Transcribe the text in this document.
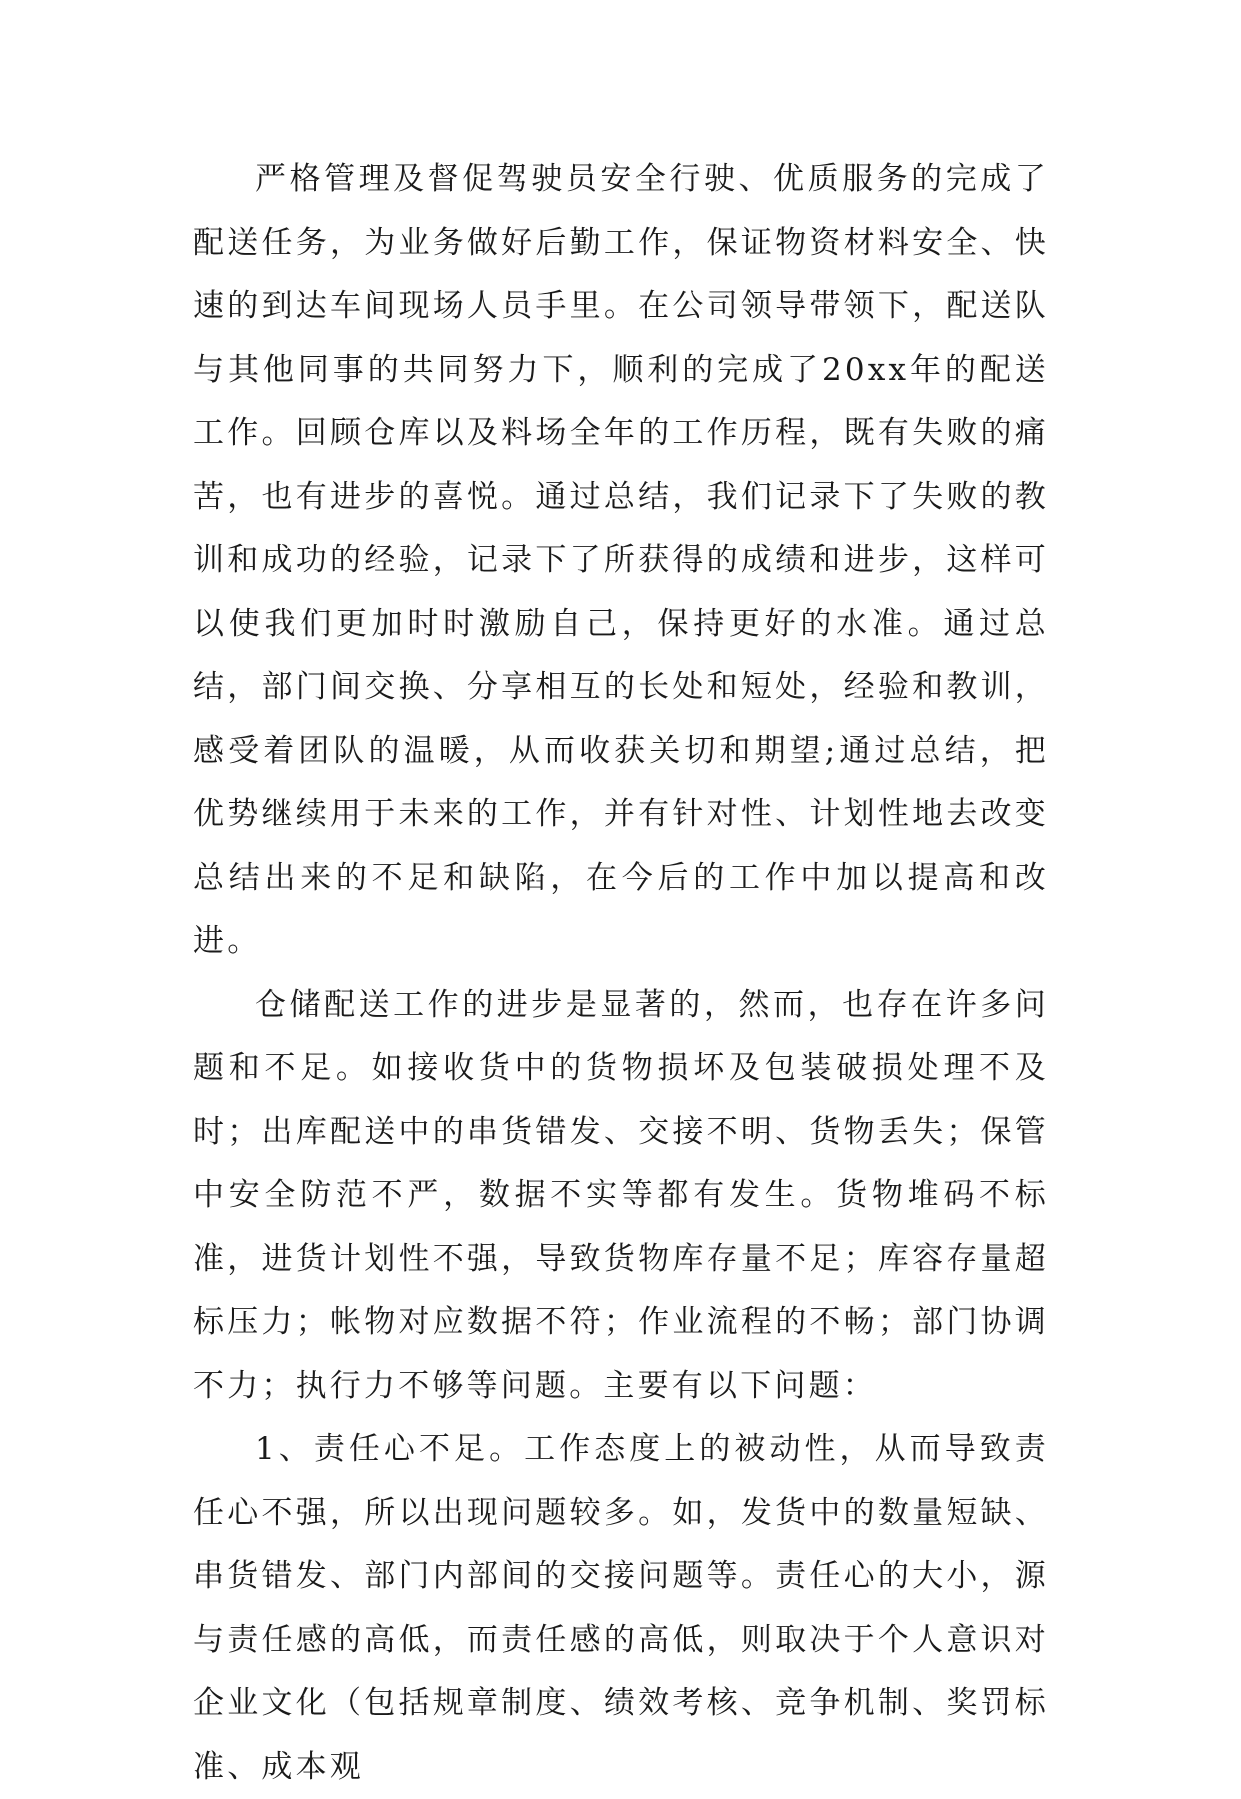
严格管理及督促驾驶员安全行驶、优质服务的完成了配送任务，为业务做好后勤工作，保证物资材料安全、快速的到达车间现场人员手里。在公司领导带领下，配送队与其他同事的共同努力下，顺利的完成了20xx年的配送工作。回顾仓库以及料场全年的工作历程，既有失败的痛苦，也有进步的喜悦。通过总结，我们记录下了失败的教训和成功的经验，记录下了所获得的成绩和进步，这样可以使我们更加时时激励自己，保持更好的水准。通过总结，部门间交换、分享相互的长处和短处，经验和教训，感受着团队的温暖，从而收获关切和期望;通过总结，把优势继续用于未来的工作，并有针对性、计划性地去改变总结出来的不足和缺陷，在今后的工作中加以提高和改进。

仓储配送工作的进步是显著的，然而，也存在许多问题和不足。如接收货中的货物损坏及包装破损处理不及时；出库配送中的串货错发、交接不明、货物丢失；保管中安全防范不严，数据不实等都有发生。货物堆码不标准，进货计划性不强，导致货物库存量不足；库容存量超标压力；帐物对应数据不符；作业流程的不畅；部门协调不力；执行力不够等问题。主要有以下问题：

1、责任心不足。工作态度上的被动性，从而导致责任心不强，所以出现问题较多。如，发货中的数量短缺、串货错发、部门内部间的交接问题等。责任心的大小，源与责任感的高低，而责任感的高低，则取决于个人意识对企业文化（包括规章制度、绩效考核、竞争机制、奖罚标准、成本观
